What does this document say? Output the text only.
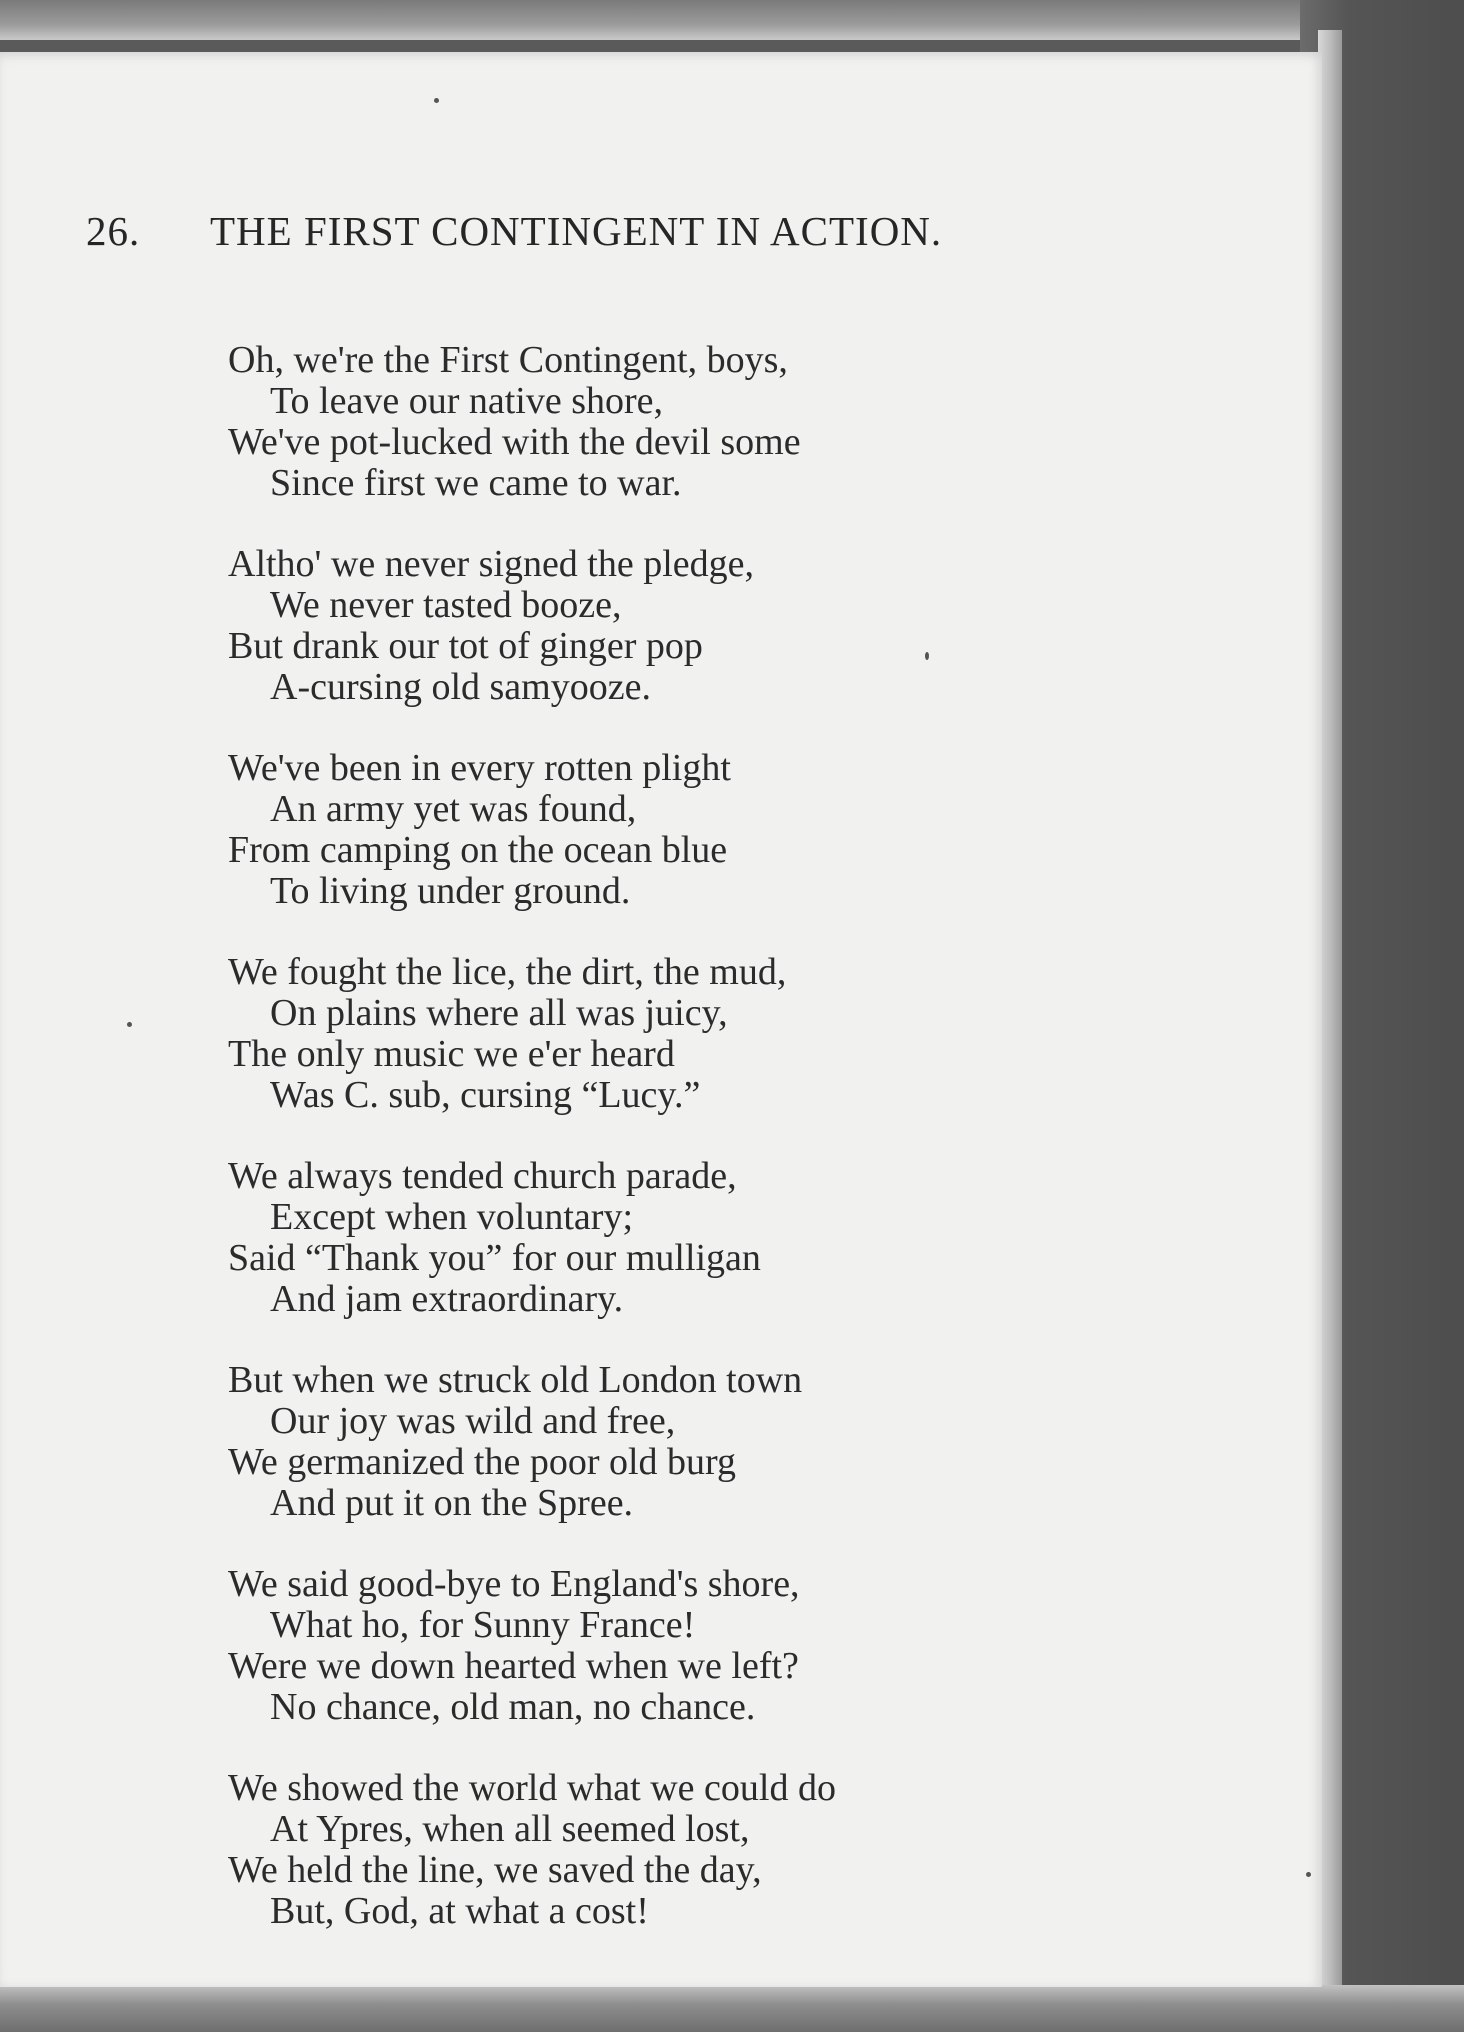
26. THE FIRST CONTINGENT IN ACTION.
Oh, we're the First Contingent, boys,
To leave our native shore,
We've pot-lucked with the devil some
Since first we came to war.
Altho' we never signed the pledge,
We never tasted booze,
But drank our tot of ginger pop
A-cursing old samyooze.
We've been in every rotten plight
An army yet was found,
From camping on the ocean blue
To living under ground.
We fought the lice, the dirt, the mud,
On plains where all was juicy,
The only music we e'er heard
Was C. sub, cursing “Lucy.”
We always tended church parade,
Except when voluntary;
Said “Thank you” for our mulligan
And jam extraordinary.
But when we struck old London town
Our joy was wild and free,
We germanized the poor old burg
And put it on the Spree.
We said good-bye to England's shore,
What ho, for Sunny France!
Were we down hearted when we left?
No chance, old man, no chance.
We showed the world what we could do
At Ypres, when all seemed lost,
We held the line, we saved the day,
But, God, at what a cost!
